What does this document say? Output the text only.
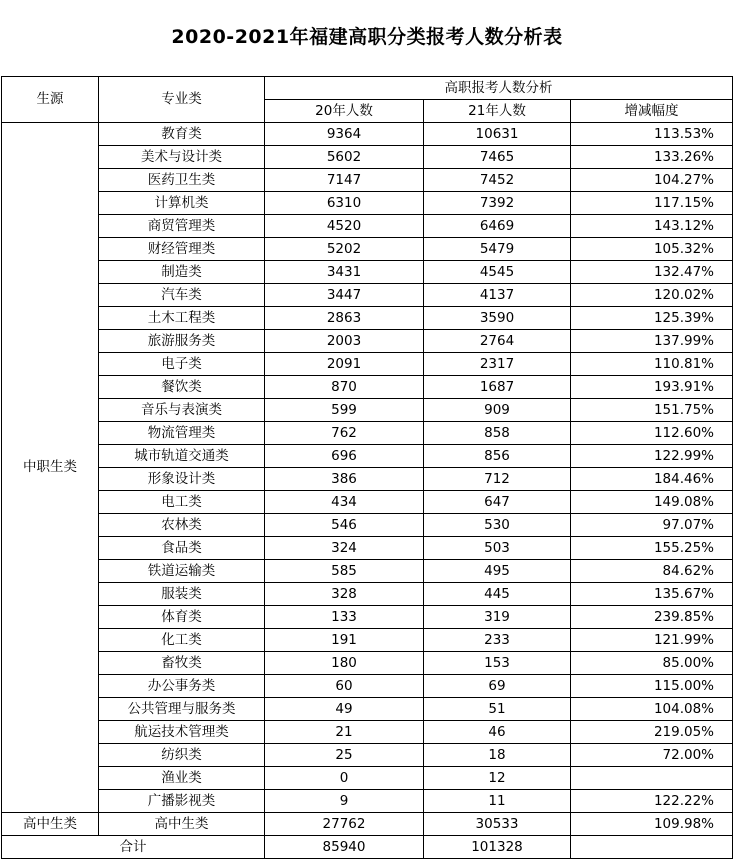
2020-2021年福建高职分类报考人数分析表
生源	专业类	高职报考人数分析		
		20年人数	21年人数	增减幅度
中职生类	教育类	9364	10631	113.53%
	美术与设计类	5602	7465	133.26%
	医药卫生类	7147	7452	104.27%
	计算机类	6310	7392	117.15%
	商贸管理类	4520	6469	143.12%
	财经管理类	5202	5479	105.32%
	制造类	3431	4545	132.47%
	汽车类	3447	4137	120.02%
	土木工程类	2863	3590	125.39%
	旅游服务类	2003	2764	137.99%
	电子类	2091	2317	110.81%
	餐饮类	870	1687	193.91%
	音乐与表演类	599	909	151.75%
	物流管理类	762	858	112.60%
	城市轨道交通类	696	856	122.99%
	形象设计类	386	712	184.46%
	电工类	434	647	149.08%
	农林类	546	530	97.07%
	食品类	324	503	155.25%
	铁道运输类	585	495	84.62%
	服装类	328	445	135.67%
	体育类	133	319	239.85%
	化工类	191	233	121.99%
	畜牧类	180	153	85.00%
	办公事务类	60	69	115.00%
	公共管理与服务类	49	51	104.08%
	航运技术管理类	21	46	219.05%
	纺织类	25	18	72.00%
	渔业类	0	12	
	广播影视类	9	11	122.22%
高中生类	高中生类	27762	30533	109.98%
合计		85940	101328	
